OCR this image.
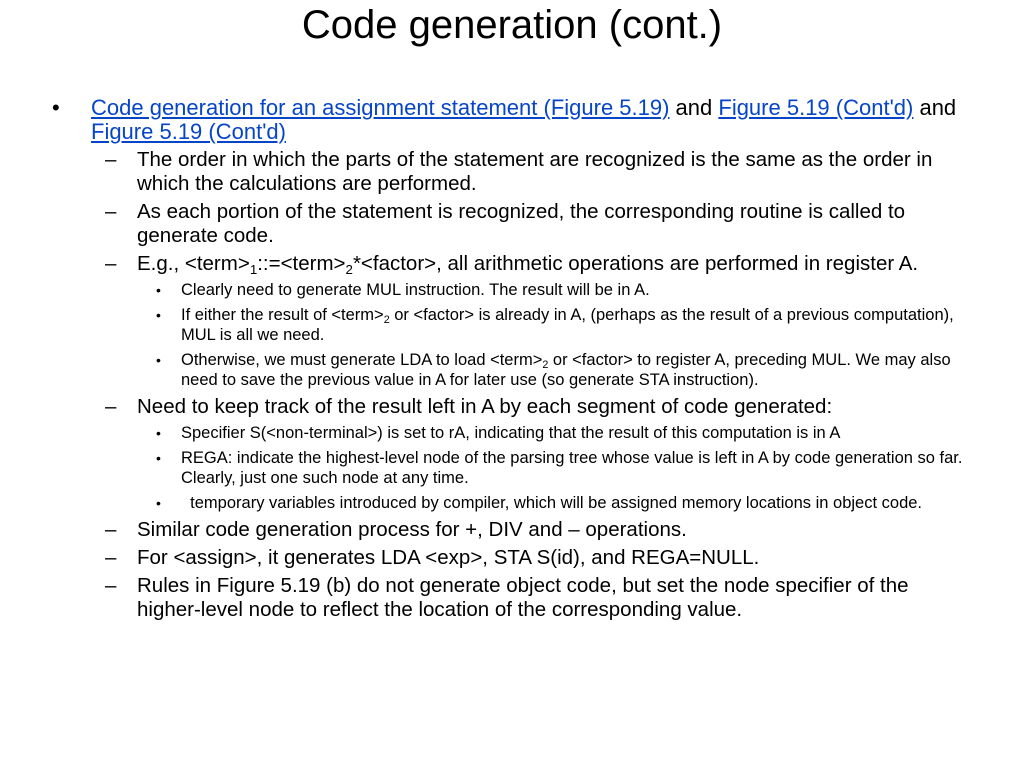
Code generation (cont.)
• Code generation for an assignment statement (Figure 5.19) and Figure 5.19 (Cont'd) and Figure 5.19 (Cont'd)
– The order in which the parts of the statement are recognized is the same as the order in which the calculations are performed.
– As each portion of the statement is recognized, the corresponding routine is called to generate code.
– E.g., $<term>_1::=<term>_2*<factor>$, all arithmetic operations are performed in register A.
• Clearly need to generate MUL instruction. The result will be in A.
• If either the result of $<term>_2$ or <factor> is already in A, (perhaps as the result of a previous computation), MUL is all we need.
• Otherwise, we must generate LDA to load $<term>_2$ or <factor> to register A, preceding MUL. We may also need to save the previous value in A for later use (so generate STA instruction).
– Need to keep track of the result left in A by each segment of code generated:
• Specifier S(<non-terminal>) is set to rA, indicating that the result of this computation is in A
• REGA: indicate the highest-level node of the parsing tree whose value is left in A by code generation so far. Clearly, just one such node at any time.
• temporary variables introduced by compiler, which will be assigned memory locations in object code.
– Similar code generation process for +, DIV and – operations.
– For <assign>, it generates LDA <exp>, STA S(id), and REGA=NULL.
– Rules in Figure 5.19 (b) do not generate object code, but set the node specifier of the higher-level node to reflect the location of the corresponding value.
